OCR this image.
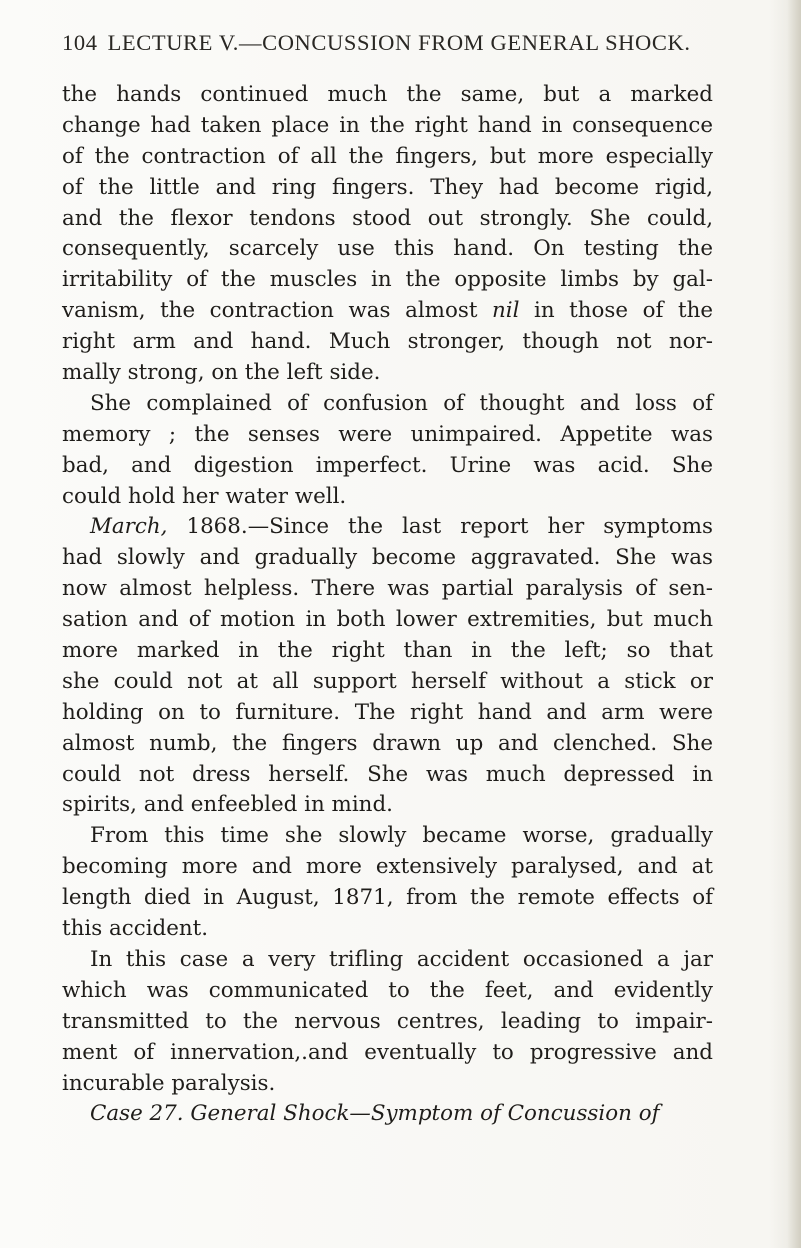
104 LECTURE V.—CONCUSSION FROM GENERAL SHOCK.
the hands continued much the same, but a marked
change had taken place in the right hand in consequence
of the contraction of all the fingers, but more especially
of the little and ring fingers. They had become rigid,
and the flexor tendons stood out strongly. She could,
consequently, scarcely use this hand. On testing the
irritability of the muscles in the opposite limbs by gal-
vanism, the contraction was almost nil in those of the
right arm and hand. Much stronger, though not nor-
mally strong, on the left side.
She complained of confusion of thought and loss of
memory ; the senses were unimpaired. Appetite was
bad, and digestion imperfect. Urine was acid. She
could hold her water well.
March, 1868.—Since the last report her symptoms
had slowly and gradually become aggravated. She was
now almost helpless. There was partial paralysis of sen-
sation and of motion in both lower extremities, but much
more marked in the right than in the left; so that
she could not at all support herself without a stick or
holding on to furniture. The right hand and arm were
almost numb, the fingers drawn up and clenched. She
could not dress herself. She was much depressed in
spirits, and enfeebled in mind.
From this time she slowly became worse, gradually
becoming more and more extensively paralysed, and at
length died in August, 1871, from the remote effects of
this accident.
In this case a very trifling accident occasioned a jar
which was communicated to the feet, and evidently
transmitted to the nervous centres, leading to impair-
ment of innervation,.and eventually to progressive and
incurable paralysis.
Case 27. General Shock—Symptom of Concussion of
